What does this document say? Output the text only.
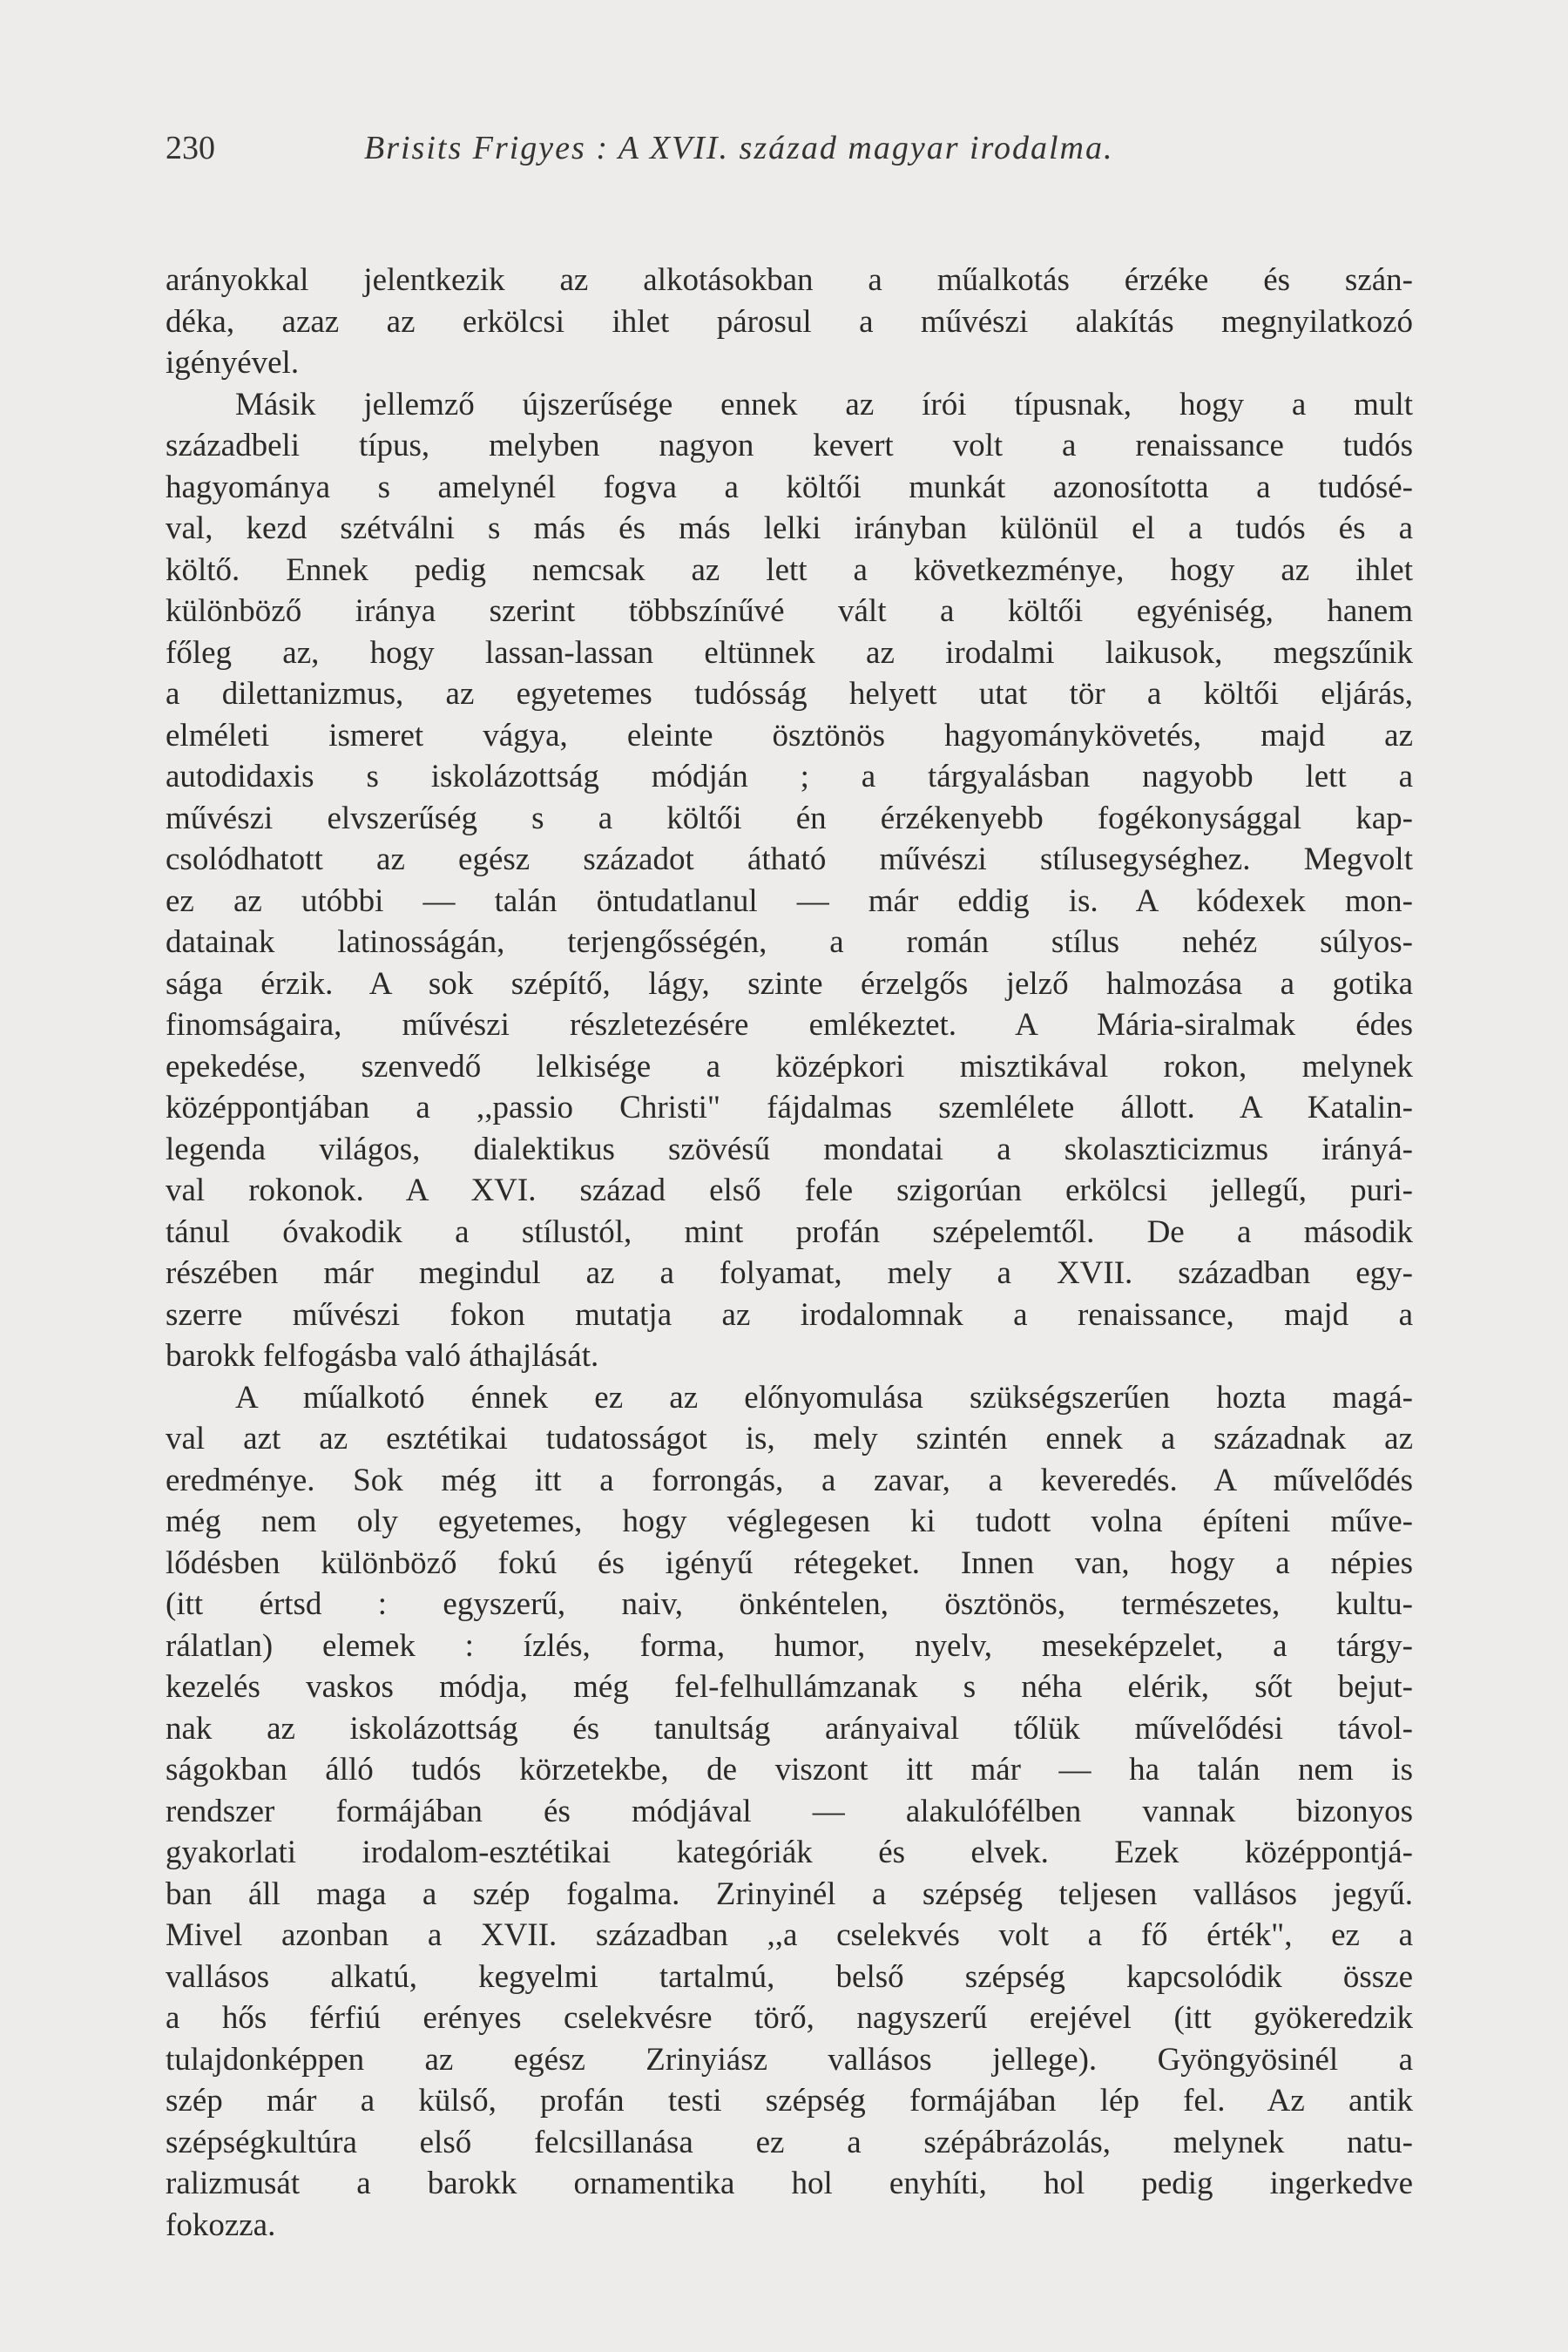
230	Brisits Frigyes : A XVII. század magyar irodalma.
arányokkal jelentkezik az alkotásokban a műalkotás érzéke és szán-
déka, azaz az erkölcsi ihlet párosul a művészi alakítás megnyilatkozó
igényével.
Másik jellemző újszerűsége ennek az írói típusnak, hogy a mult
századbeli típus, melyben nagyon kevert volt a renaissance tudós
hagyománya s amelynél fogva a költői munkát azonosította a tudósé-
val, kezd szétválni s más és más lelki irányban különül el a tudós és a
költő. Ennek pedig nemcsak az lett a következménye, hogy az ihlet
különböző iránya szerint többszínűvé vált a költői egyéniség, hanem
főleg az, hogy lassan-lassan eltünnek az irodalmi laikusok, megszűnik
a dilettanizmus, az egyetemes tudósság helyett utat tör a költői eljárás,
elméleti ismeret vágya, eleinte ösztönös hagyománykövetés, majd az
autodidaxis s iskolázottság módján ; a tárgyalásban nagyobb lett a
művészi elvszerűség s a költői én érzékenyebb fogékonysággal kap-
csolódhatott az egész századot átható művészi stílusegységhez. Megvolt
ez az utóbbi — talán öntudatlanul — már eddig is. A kódexek mon-
datainak latinosságán, terjengősségén, a román stílus nehéz súlyos-
sága érzik. A sok szépítő, lágy, szinte érzelgős jelző halmozása a gotika
finomságaira, művészi részletezésére emlékeztet. A Mária-siralmak édes
epekedése, szenvedő lelkisége a középkori misztikával rokon, melynek
középpontjában a ,,passio Christi" fájdalmas szemlélete állott. A Katalin-
legenda világos, dialektikus szövésű mondatai a skolaszticizmus irányá-
val rokonok. A XVI. század első fele szigorúan erkölcsi jellegű, puri-
tánul óvakodik a stílustól, mint profán szépelemtől. De a második
részében már megindul az a folyamat, mely a XVII. században egy-
szerre művészi fokon mutatja az irodalomnak a renaissance, majd a
barokk felfogásba való áthajlását.
A műalkotó énnek ez az előnyomulása szükségszerűen hozta magá-
val azt az esztétikai tudatosságot is, mely szintén ennek a századnak az
eredménye. Sok még itt a forrongás, a zavar, a keveredés. A művelődés
még nem oly egyetemes, hogy véglegesen ki tudott volna építeni műve-
lődésben különböző fokú és igényű rétegeket. Innen van, hogy a népies
(itt értsd : egyszerű, naiv, önkéntelen, ösztönös, természetes, kultu-
rálatlan) elemek : ízlés, forma, humor, nyelv, meseképzelet, a tárgy-
kezelés vaskos módja, még fel-felhullámzanak s néha elérik, sőt bejut-
nak az iskolázottság és tanultság arányaival tőlük művelődési távol-
ságokban álló tudós körzetekbe, de viszont itt már — ha talán nem is
rendszer formájában és módjával — alakulófélben vannak bizonyos
gyakorlati irodalom-esztétikai kategóriák és elvek. Ezek középpontjá-
ban áll maga a szép fogalma. Zrinyinél a szépség teljesen vallásos jegyű.
Mivel azonban a XVII. században ,,a cselekvés volt a fő érték", ez a
vallásos alkatú, kegyelmi tartalmú, belső szépség kapcsolódik össze
a hős férfiú erényes cselekvésre törő, nagyszerű erejével (itt gyökeredzik
tulajdonképpen az egész Zrinyiász vallásos jellege). Gyöngyösinél a
szép már a külső, profán testi szépség formájában lép fel. Az antik
szépségkultúra első felcsillanása ez a szépábrázolás, melynek natu-
ralizmusát a barokk ornamentika hol enyhíti, hol pedig ingerkedve
fokozza.
